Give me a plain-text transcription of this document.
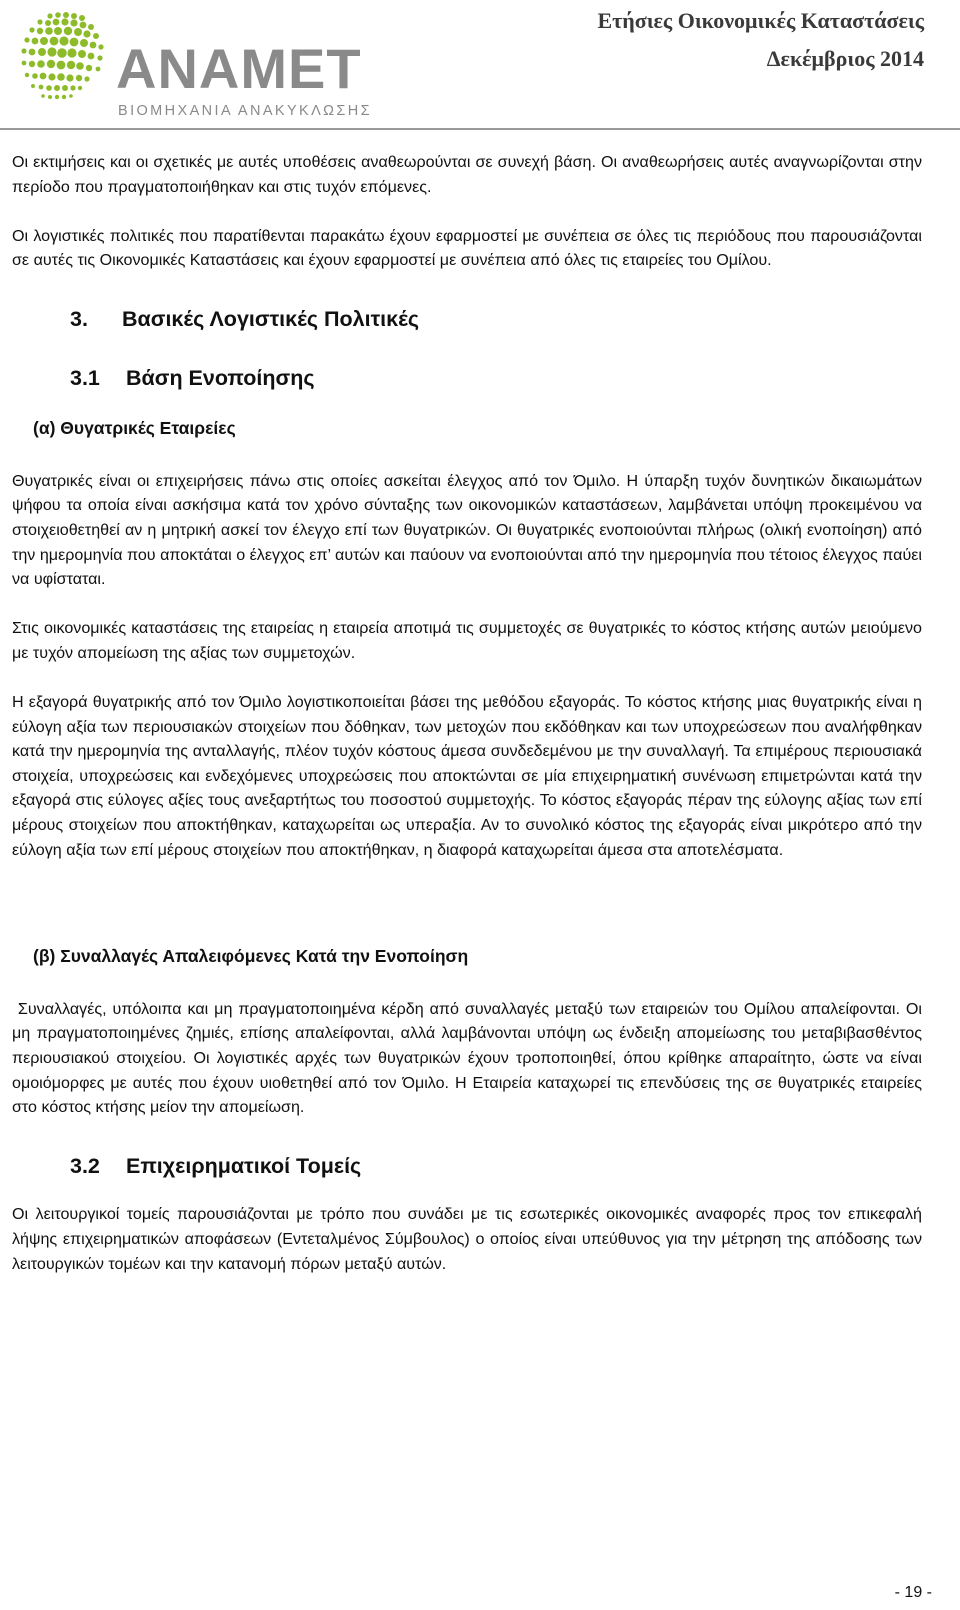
ANAMET
ΒΙΟΜΗΧΑΝΙΑ ΑΝΑΚΥΚΛΩΣΗΣ
Ετήσιες Οικονομικές Καταστάσεις
Δεκέμβριος 2014

Οι εκτιμήσεις και οι σχετικές με αυτές υποθέσεις αναθεωρούνται σε συνεχή βάση. Οι αναθεωρήσεις αυτές αναγνωρίζονται στην περίοδο που πραγματοποιήθηκαν και στις τυχόν επόμενες.

Οι λογιστικές πολιτικές που παρατίθενται παρακάτω έχουν εφαρμοστεί με συνέπεια σε όλες τις περιόδους που παρουσιάζονται σε αυτές τις Οικονομικές Καταστάσεις και έχουν εφαρμοστεί με συνέπεια από όλες τις εταιρείες του Ομίλου.

3. Βασικές Λογιστικές Πολιτικές
3.1 Βάση Ενοποίησης
(α) Θυγατρικές Εταιρείες

Θυγατρικές είναι οι επιχειρήσεις πάνω στις οποίες ασκείται έλεγχος από τον Όμιλο. Η ύπαρξη τυχόν δυνητικών δικαιωμάτων ψήφου τα οποία είναι ασκήσιμα κατά τον χρόνο σύνταξης των οικονομικών καταστάσεων, λαμβάνεται υπόψη προκειμένου να στοιχειοθετηθεί αν η μητρική ασκεί τον έλεγχο επί των θυγατρικών. Οι θυγατρικές ενοποιούνται πλήρως (ολική ενοποίηση) από την ημερομηνία που αποκτάται ο έλεγχος επ’ αυτών και παύουν να ενοποιούνται από την ημερομηνία που τέτοιος έλεγχος παύει να υφίσταται.

Στις οικονομικές καταστάσεις της εταιρείας η εταιρεία αποτιμά τις συμμετοχές σε θυγατρικές το κόστος κτήσης αυτών μειούμενο με τυχόν απομείωση της αξίας των συμμετοχών.

Η εξαγορά θυγατρικής από τον Όμιλο λογιστικοποιείται βάσει της μεθόδου εξαγοράς. Το κόστος κτήσης μιας θυγατρικής είναι η εύλογη αξία των περιουσιακών στοιχείων που δόθηκαν, των μετοχών που εκδόθηκαν και των υποχρεώσεων που αναλήφθηκαν κατά την ημερομηνία της ανταλλαγής, πλέον τυχόν κόστους άμεσα συνδεδεμένου με την συναλλαγή. Τα επιμέρους περιουσιακά στοιχεία, υποχρεώσεις και ενδεχόμενες υποχρεώσεις που αποκτώνται σε μία επιχειρηματική συνένωση επιμετρώνται κατά την εξαγορά στις εύλογες αξίες τους ανεξαρτήτως του ποσοστού συμμετοχής. Το κόστος εξαγοράς πέραν της εύλογης αξίας των επί μέρους στοιχείων που αποκτήθηκαν, καταχωρείται ως υπεραξία. Αν το συνολικό κόστος της εξαγοράς είναι μικρότερο από την εύλογη αξία των επί μέρους στοιχείων που αποκτήθηκαν, η διαφορά καταχωρείται άμεσα στα αποτελέσματα.

(β) Συναλλαγές Απαλειφόμενες Κατά την Ενοποίηση

Συναλλαγές, υπόλοιπα και μη πραγματοποιημένα κέρδη από συναλλαγές μεταξύ των εταιρειών του Ομίλου απαλείφονται. Οι μη πραγματοποιημένες ζημιές, επίσης απαλείφονται, αλλά λαμβάνονται υπόψη ως ένδειξη απομείωσης του μεταβιβασθέντος περιουσιακού στοιχείου. Οι λογιστικές αρχές των θυγατρικών έχουν τροποποιηθεί, όπου κρίθηκε απαραίτητο, ώστε να είναι ομοιόμορφες με αυτές που έχουν υιοθετηθεί από τον Όμιλο. Η Εταιρεία καταχωρεί τις επενδύσεις της σε θυγατρικές εταιρείες στο κόστος κτήσης μείον την απομείωση.

3.2 Επιχειρηματικοί Τομείς

Οι λειτουργικοί τομείς παρουσιάζονται με τρόπο που συνάδει με τις εσωτερικές οικονομικές αναφορές προς τον επικεφαλή λήψης επιχειρηματικών αποφάσεων (Εντεταλμένος Σύμβουλος) ο οποίος είναι υπεύθυνος για την μέτρηση της απόδοσης των λειτουργικών τομέων και την κατανομή πόρων μεταξύ αυτών.

- 19 -
